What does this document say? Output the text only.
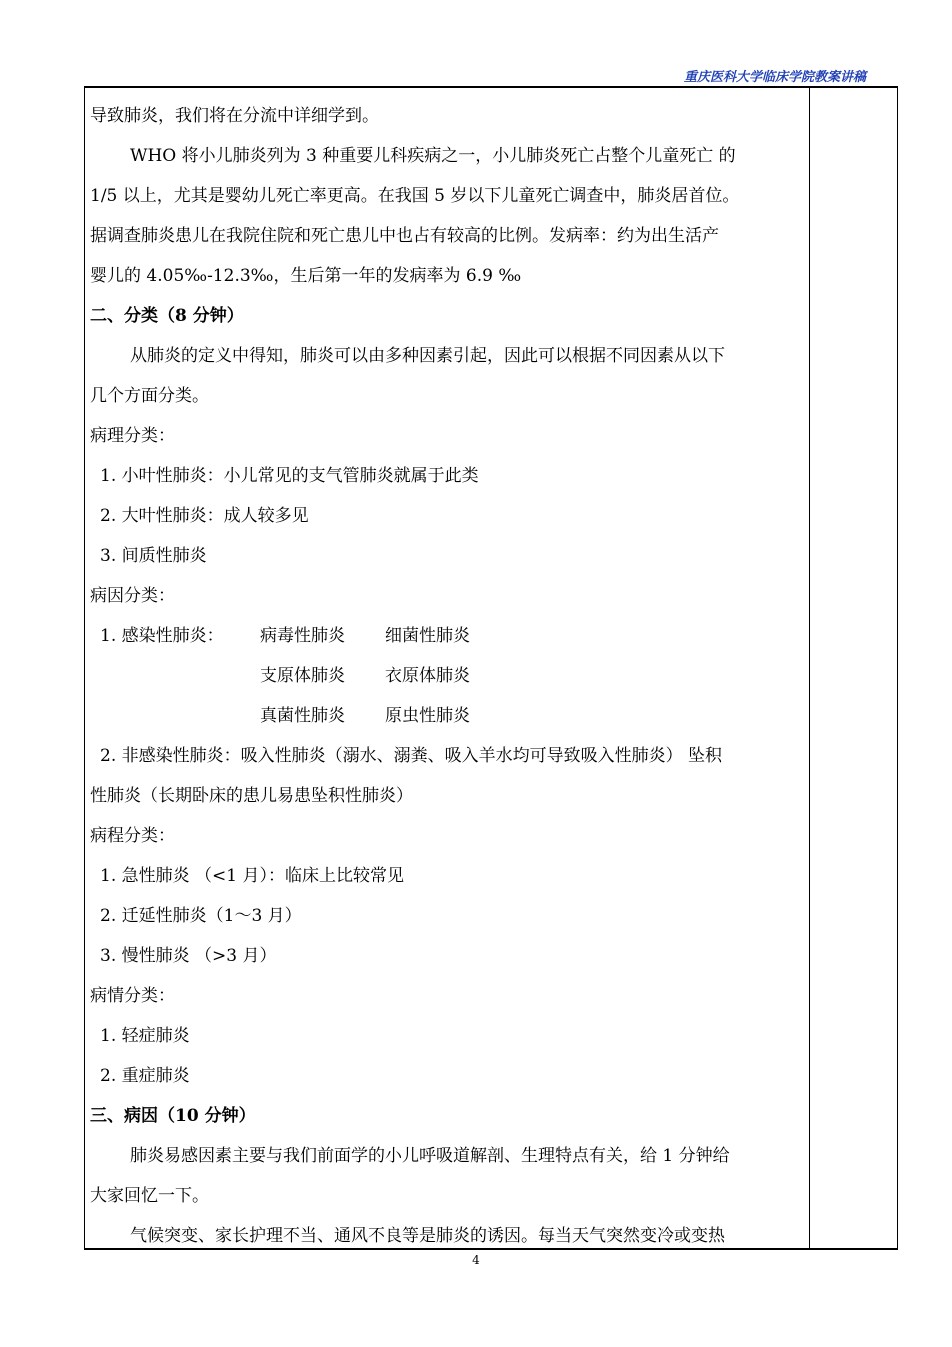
重庆医科大学临床学院教案讲稿
导致肺炎，我们将在分流中详细学到。
WHO 将小儿肺炎列为 3 种重要儿科疾病之一，小儿肺炎死亡占整个儿童死亡 的
1/5 以上，尤其是婴幼儿死亡率更高。在我国 5 岁以下儿童死亡调查中，肺炎居首位。
据调查肺炎患儿在我院住院和死亡患儿中也占有较高的比例。发病率：约为出生活产
婴儿的 4.05‰-12.3‰，生后第一年的发病率为 6.9 ‰
二、分类（8 分钟）
从肺炎的定义中得知，肺炎可以由多种因素引起，因此可以根据不同因素从以下
几个方面分类。
病理分类：
1. 小叶性肺炎：小儿常见的支气管肺炎就属于此类
2. 大叶性肺炎：成人较多见
3. 间质性肺炎
病因分类：
1. 感染性肺炎： 病毒性肺炎 细菌性肺炎
支原体肺炎 衣原体肺炎
真菌性肺炎 原虫性肺炎
2. 非感染性肺炎：吸入性肺炎（溺水、溺粪、吸入羊水均可导致吸入性肺炎） 坠积
性肺炎（长期卧床的患儿易患坠积性肺炎）
病程分类：
1. 急性肺炎 （<1 月）：临床上比较常见
2. 迁延性肺炎（1～3 月）
3. 慢性肺炎 （>3 月）
病情分类：
1. 轻症肺炎
2. 重症肺炎
三、病因（10 分钟）
肺炎易感因素主要与我们前面学的小儿呼吸道解剖、生理特点有关，给 1 分钟给
大家回忆一下。
气候突变、家长护理不当、通风不良等是肺炎的诱因。每当天气突然变冷或变热
4
